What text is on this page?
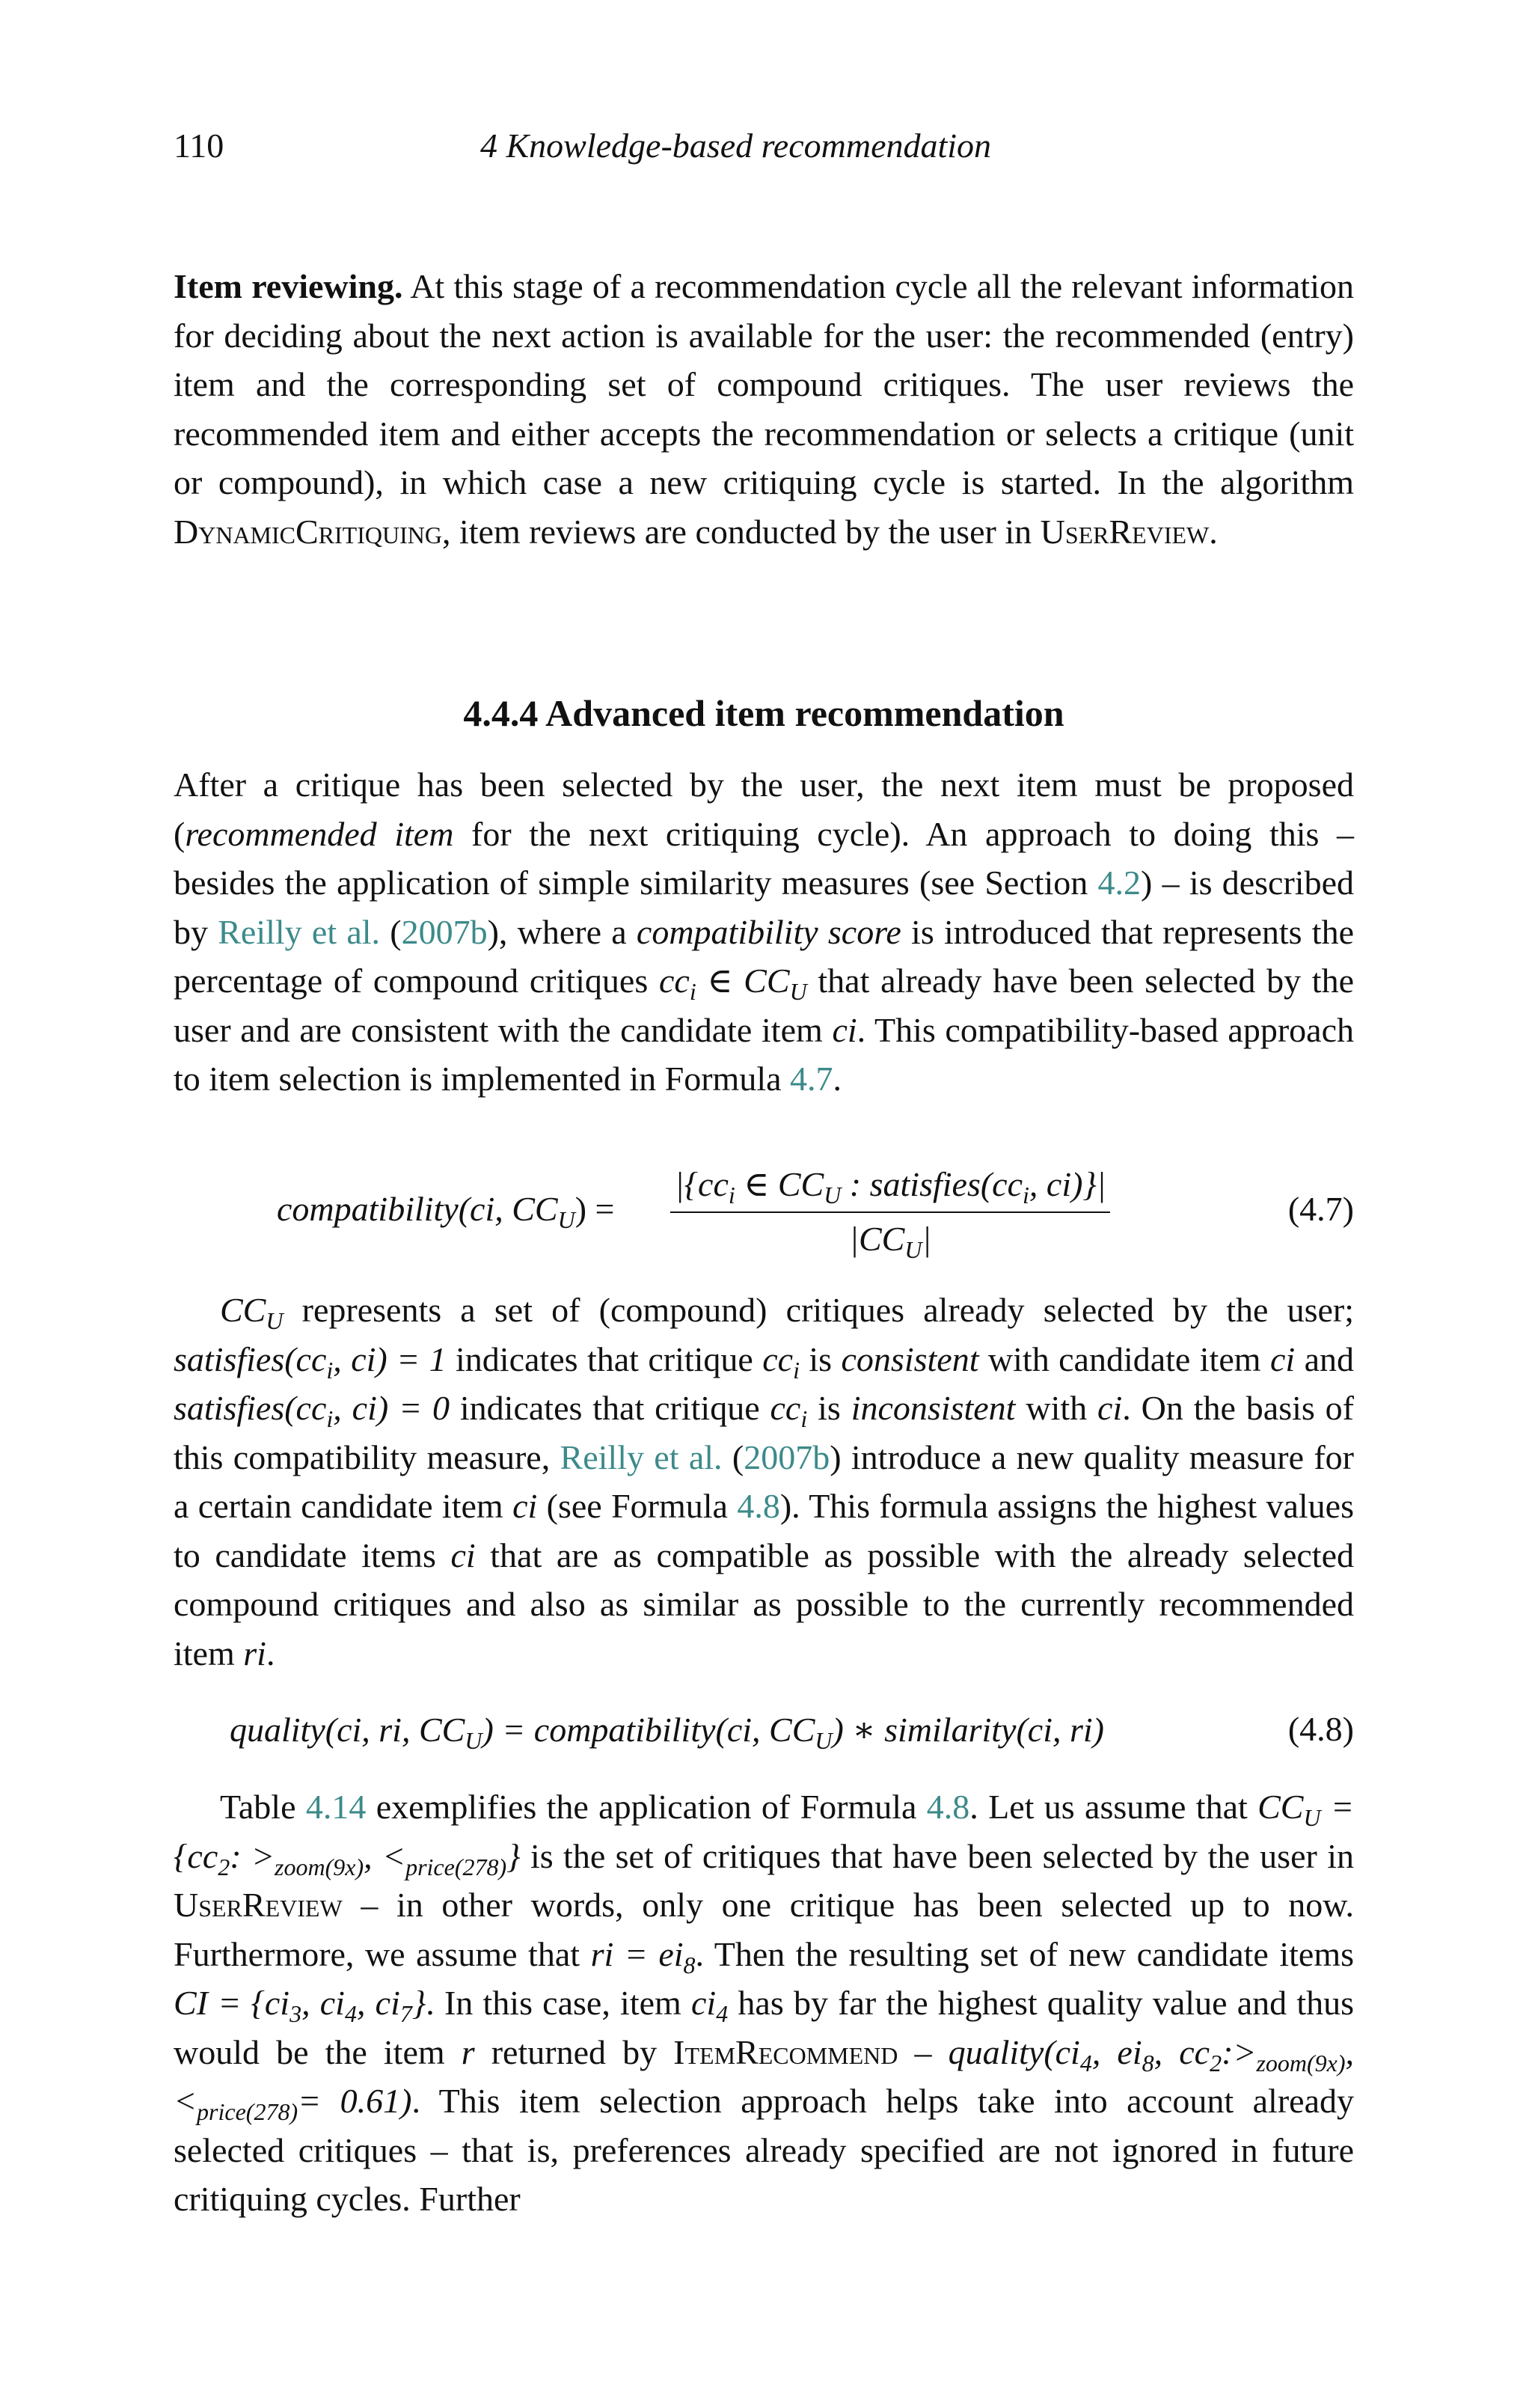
110	4 Knowledge-based recommendation

Item reviewing. At this stage of a recommendation cycle all the relevant information for deciding about the next action is available for the user: the recommended (entry) item and the corresponding set of compound critiques. The user reviews the recommended item and either accepts the recommendation or selects a critique (unit or compound), in which case a new critiquing cycle is started. In the algorithm DynamicCritiquing, item reviews are conducted by the user in UserReview.

4.4.4 Advanced item recommendation

After a critique has been selected by the user, the next item must be proposed (recommended item for the next critiquing cycle). An approach to doing this – besides the application of simple similarity measures (see Section 4.2) – is described by Reilly et al. (2007b), where a compatibility score is introduced that represents the percentage of compound critiques $cc_i$ ∈ $CC_U$ that already have been selected by the user and are consistent with the candidate item ci. This compatibility-based approach to item selection is implemented in Formula 4.7.

compatibility(ci, $CC_U$) =
$|\{cc_i$ ∈ $CC_U$ : $satisfies(cc_i$, ci)}|
$|CC_U|$
(4.7)

$CC_U$ represents a set of (compound) critiques already selected by the user; $satisfies(cc_i$, ci) = 1 indicates that critique $cc_i$ is consistent with candidate item ci and $satisfies(cc_i$, ci) = 0 indicates that critique $cc_i$ is inconsistent with ci. On the basis of this compatibility measure, Reilly et al. (2007b) introduce a new quality measure for a certain candidate item ci (see Formula 4.8). This formula assigns the highest values to candidate items ci that are as compatible as possible with the already selected compound critiques and also as similar as possible to the currently recommended item ri.

quality(ci, ri, $CC_U$) = compatibility(ci, $CC_U$) ∗ similarity(ci, ri)	(4.8)

Table 4.14 exemplifies the application of Formula 4.8. Let us assume that $CC_U = \{cc_2$: $>_{zoom(9x)}$, $<_{price(278)}$} is the set of critiques that have been selected by the user in UserReview – in other words, only one critique has been selected up to now. Furthermore, we assume that ri = $ei_8$. Then the resulting set of new candidate items CI = {$ci_3$, $ci_4$, $ci_7$}. In this case, item $ci_4$ has by far the highest quality value and thus would be the item r returned by ItemRecommend – $quality(ci_4$, $ei_8$, $cc_2:>_{zoom(9x)}$, $<_{price(278)}= 0.61$). This item selection approach helps take into account already selected critiques – that is, preferences already specified are not ignored in future critiquing cycles. Further
